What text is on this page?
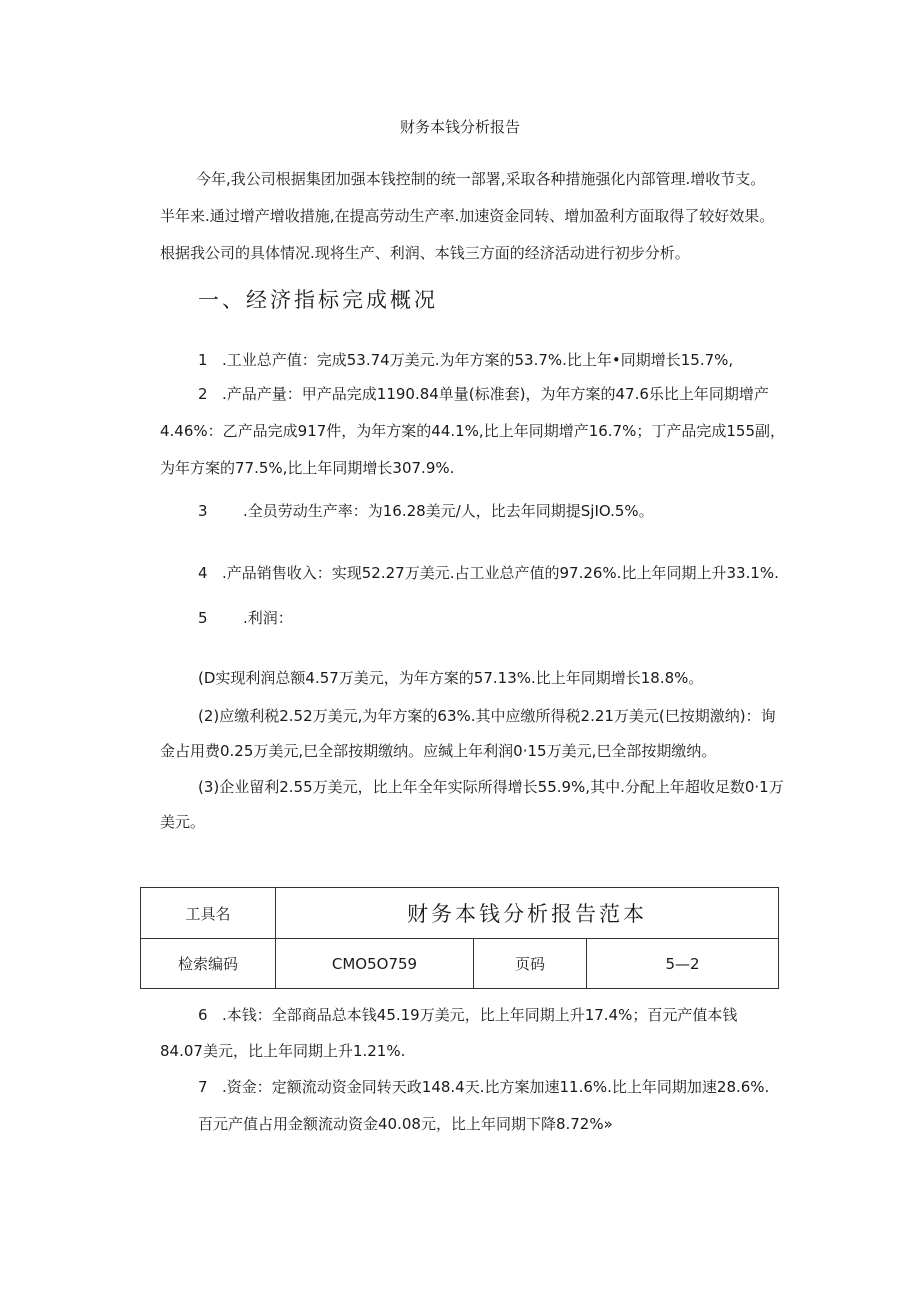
财务本钱分析报告
今年,我公司根据集团加强本钱控制的统一部署,采取各种措施强化内部管理.增收节支。
半年来.通过增产增收措施,在提高劳动生产率.加速资金同转、增加盈利方面取得了较好效果。
根据我公司的具体情况.现将生产、利润、本钱三方面的经济活动进行初步分析。
一、经济指标完成概况
1 .工业总产值：完成53.74万美元.为年方案的53.7%.比上年•同期增长15.7%,
2 .产品产量：甲产品完成1190.84单量(标准套)，为年方案的47.6乐比上年同期增产
4.46%：乙产品完成917件，为年方案的44.1%,比上年同期增产16.7%；丁产品完成155副，
为年方案的77.5%,比上年同期增长307.9%.
3 .全员劳动生产率：为16.28美元/人，比去年同期提SjIO.5%。
4 .产品销售收入：实现52.27万美元.占工业总产值的97.26%.比上年同期上升33.1%.
5 .利润：
(D实现利润总额4.57万美元，为年方案的57.13%.比上年同期增长18.8%。
(2)应缴利税2.52万美元,为年方案的63%.其中应缴所得税2.21万美元(巳按期激纳)：询
金占用费0.25万美元,巳全部按期缴纳。应缄上年利润0·15万美元,巳全部按期缴纳。
(3)企业留利2.55万美元，比上年全年实际所得增长55.9%,其中.分配上年超收足数0·1万
美元。
工具名	财务本钱分析报告范本		
检索编码	CMO5O759	页码	5—2
6 .本钱：全部商品总本钱45.19万美元，比上年同期上升17.4%；百元产值本钱
84.07美元，比上年同期上升1.21%.
7 .资金：定额流动资金同转天政148.4天.比方案加速11.6%.比上年同期加速28.6%.
百元产值占用金额流动资金40.08元，比上年同期下降8.72%»
